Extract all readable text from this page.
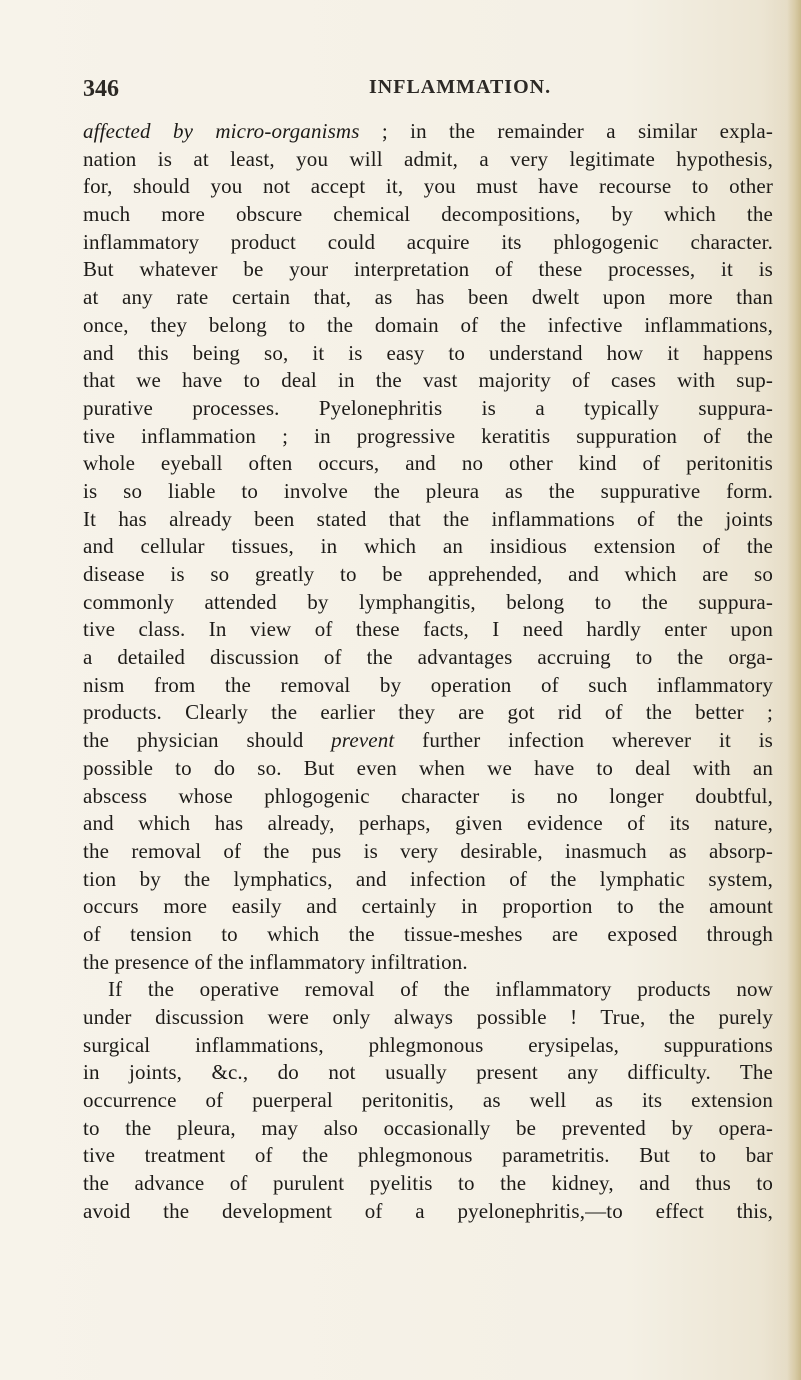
346	INFLAMMATION.
affected by micro-organisms ; in the remainder a similar expla-
nation is at least, you will admit, a very legitimate hypothesis,
for, should you not accept it, you must have recourse to other
much more obscure chemical decompositions, by which the
inflammatory product could acquire its phlogogenic character.
But whatever be your interpretation of these processes, it is
at any rate certain that, as has been dwelt upon more than
once, they belong to the domain of the infective inflammations,
and this being so, it is easy to understand how it happens
that we have to deal in the vast majority of cases with sup-
purative processes. Pyelonephritis is a typically suppura-
tive inflammation ; in progressive keratitis suppuration of the
whole eyeball often occurs, and no other kind of peritonitis
is so liable to involve the pleura as the suppurative form.
It has already been stated that the inflammations of the joints
and cellular tissues, in which an insidious extension of the
disease is so greatly to be apprehended, and which are so
commonly attended by lymphangitis, belong to the suppura-
tive class. In view of these facts, I need hardly enter upon
a detailed discussion of the advantages accruing to the orga-
nism from the removal by operation of such inflammatory
products. Clearly the earlier they are got rid of the better ;
the physician should prevent further infection wherever it is
possible to do so. But even when we have to deal with an
abscess whose phlogogenic character is no longer doubtful,
and which has already, perhaps, given evidence of its nature,
the removal of the pus is very desirable, inasmuch as absorp-
tion by the lymphatics, and infection of the lymphatic system,
occurs more easily and certainly in proportion to the amount
of tension to which the tissue-meshes are exposed through
the presence of the inflammatory infiltration.
If the operative removal of the inflammatory products now
under discussion were only always possible ! True, the purely
surgical inflammations, phlegmonous erysipelas, suppurations
in joints, &c., do not usually present any difficulty. The
occurrence of puerperal peritonitis, as well as its extension
to the pleura, may also occasionally be prevented by opera-
tive treatment of the phlegmonous parametritis. But to bar
the advance of purulent pyelitis to the kidney, and thus to
avoid the development of a pyelonephritis,—to effect this,
